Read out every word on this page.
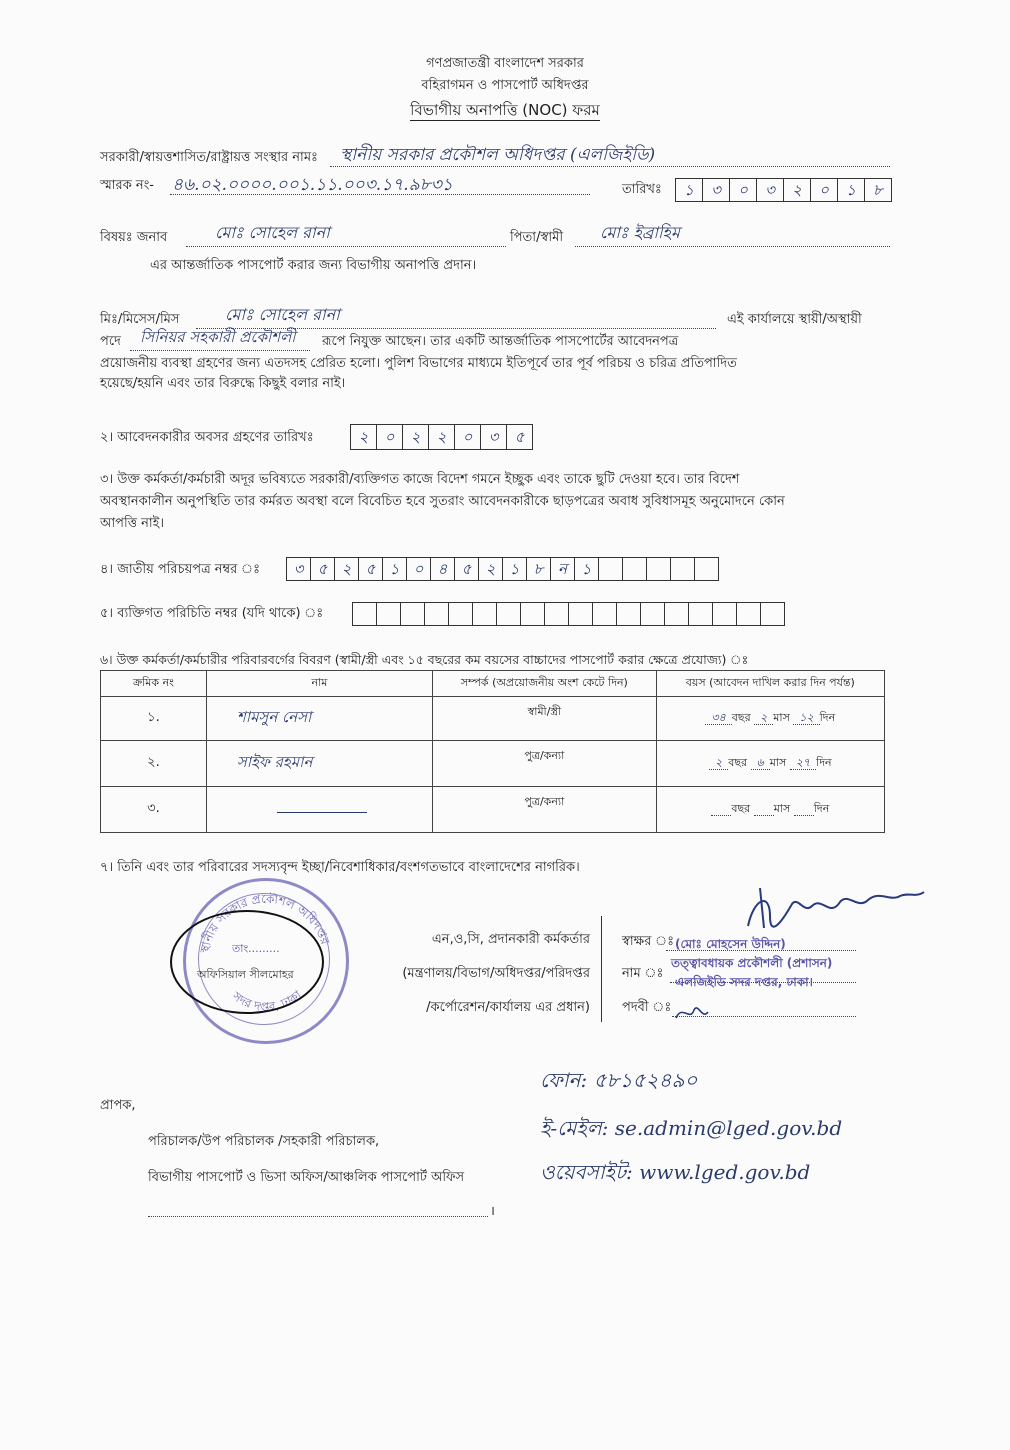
গণপ্রজাতন্ত্রী বাংলাদেশ সরকার
বহিরাগমন ও পাসপোর্ট অধিদপ্তর
বিভাগীয় অনাপত্তি (NOC) ফরম
সরকারী/স্বায়ত্তশাসিত/রাষ্ট্রায়ত্ত সংস্থার নামঃ স্থানীয় সরকার প্রকৌশল অধিদপ্তর (এলজিইডি)
স্মারক নং- ৪৬.০২.০০০০.০০১.১১.০০৩.১৭.৯৮৩১	তারিখঃ	১	৩	০	৩	২	০	১	৮
বিষয়ঃ জনাব	মোঃ সোহেল রানা	পিতা/স্বামী মোঃ ইব্রাহিম
এর আন্তর্জাতিক পাসপোর্ট করার জন্য বিভাগীয় অনাপত্তি প্রদান।
মিঃ/মিসেস/মিস	মোঃ সোহেল রানা	এই কার্যালয়ে স্থায়ী/অস্থায়ী
পদে সিনিয়র সহকারী প্রকৌশলী রূপে নিযুক্ত আছেন। তার একটি আন্তর্জাতিক পাসপোর্টের আবেদনপত্র
প্রয়োজনীয় ব্যবস্থা গ্রহণের জন্য এতদসহ প্রেরিত হলো। পুলিশ বিভাগের মাধ্যমে ইতিপূর্বে তার পূর্ব পরিচয় ও চরিত্র প্রতিপাদিত
হয়েছে/হয়নি এবং তার বিরুদ্ধে কিছুই বলার নাই।
২। আবেদনকারীর অবসর গ্রহণের তারিখঃ	২	০	২	২	০	৩	৫
৩। উক্ত কর্মকর্তা/কর্মচারী অদূর ভবিষ্যতে সরকারী/ব্যক্তিগত কাজে বিদেশ গমনে ইচ্ছুক এবং তাকে ছুটি দেওয়া হবে। তার বিদেশ
অবস্থানকালীন অনুপস্থিতি তার কর্মরত অবস্থা বলে বিবেচিত হবে সুতরাং আবেদনকারীকে ছাড়পত্রের অবাধ সুবিধাসমূহ অনুমোদনে কোন
আপত্তি নাই।
৪। জাতীয় পরিচয়পত্র নম্বর ঃ	৩ ৫ ২ ৫ ১ ০ ৪ ৫ ২ ১ ৮ ন ১
৫। ব্যক্তিগত পরিচিতি নম্বর (যদি থাকে) ঃ
৬। উক্ত কর্মকর্তা/কর্মচারীর পরিবারবর্গের বিবরণ (স্বামী/স্ত্রী এবং ১৫ বছরের কম বয়সের বাচ্চাদের পাসপোর্ট করার ক্ষেত্রে প্রযোজ্য) ঃ
ক্রমিক নং	নাম	সম্পর্ক (অপ্রয়োজনীয় অংশ কেটে দিন)	বয়স (আবেদন দাখিল করার দিন পর্যন্ত)
১.	শামসুন নেসা	স্বামী/স্ত্রী	৩৪ বছর ২ মাস ১২ দিন
২.	সাইফ রহমান	পুত্র/কন্যা	২ বছর ৬ মাস ২৭ দিন
৩.		পুত্র/কন্যা	বছর মাস দিন
৭। তিনি এবং তার পরিবারের সদস্যবৃন্দ ইচ্ছা/নিবেশাধিকার/বংশগতভাবে বাংলাদেশের নাগরিক।
স্থানীয় সরকার প্রকৌশল অধিদপ্তর
সদর দপ্তর, ঢাকা
তাং.........
অফিসিয়াল সীলমোহর
এন,ও,সি, প্রদানকারী কর্মকর্তার
(মন্ত্রণালয়/বিভাগ/অধিদপ্তর/পরিদপ্তর
/কর্পোরেশন/কার্যালয় এর প্রধান)
স্বাক্ষর ঃ
নাম ঃ
পদবী ঃ
(মোঃ মোহসেন উদ্দিন)
তত্ত্বাবধায়ক প্রকৌশলী (প্রশাসন)
এলজিইডি সদর দপ্তর, ঢাকা।
ফোন: ৫৮১৫২৪৯০
ই-মেইল: se.admin@lged.gov.bd
ওয়েবসাইট: www.lged.gov.bd
প্রাপক,
পরিচালক/উপ পরিচালক /সহকারী পরিচালক,
বিভাগীয় পাসপোর্ট ও ভিসা অফিস/আঞ্চলিক পাসপোর্ট অফিস
।
